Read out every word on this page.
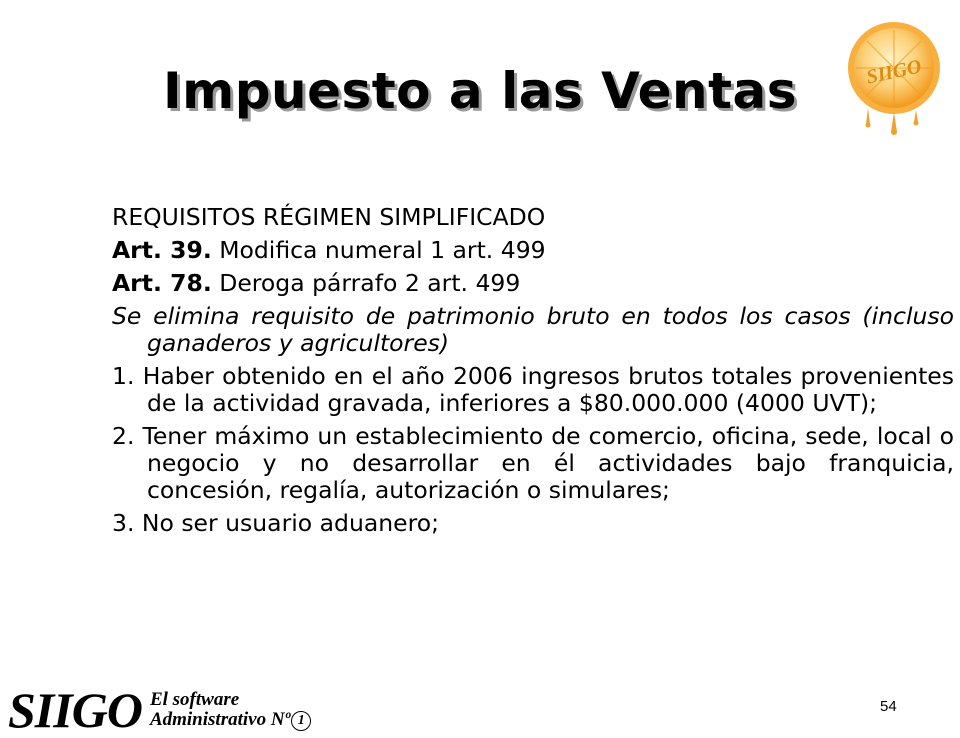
Impuesto a las Ventas	SIIGO

REQUISITOS RÉGIMEN SIMPLIFICADO

Art. 39. Modifica numeral 1 art. 499

Art. 78. Deroga párrafo 2 art. 499

Se elimina requisito de patrimonio bruto en todos los casos (incluso ganaderos y agricultores)

1. Haber obtenido en el año 2006 ingresos brutos totales provenientes de la actividad gravada, inferiores a $80.000.000 (4000 UVT);

2. Tener máximo un establecimiento de comercio, oficina, sede, local o negocio y no desarrollar en él actividades bajo franquicia, concesión, regalía, autorización o simulares;

3. No ser usuario aduanero;

SIIGO El software
Administrativo Nº 1
54
